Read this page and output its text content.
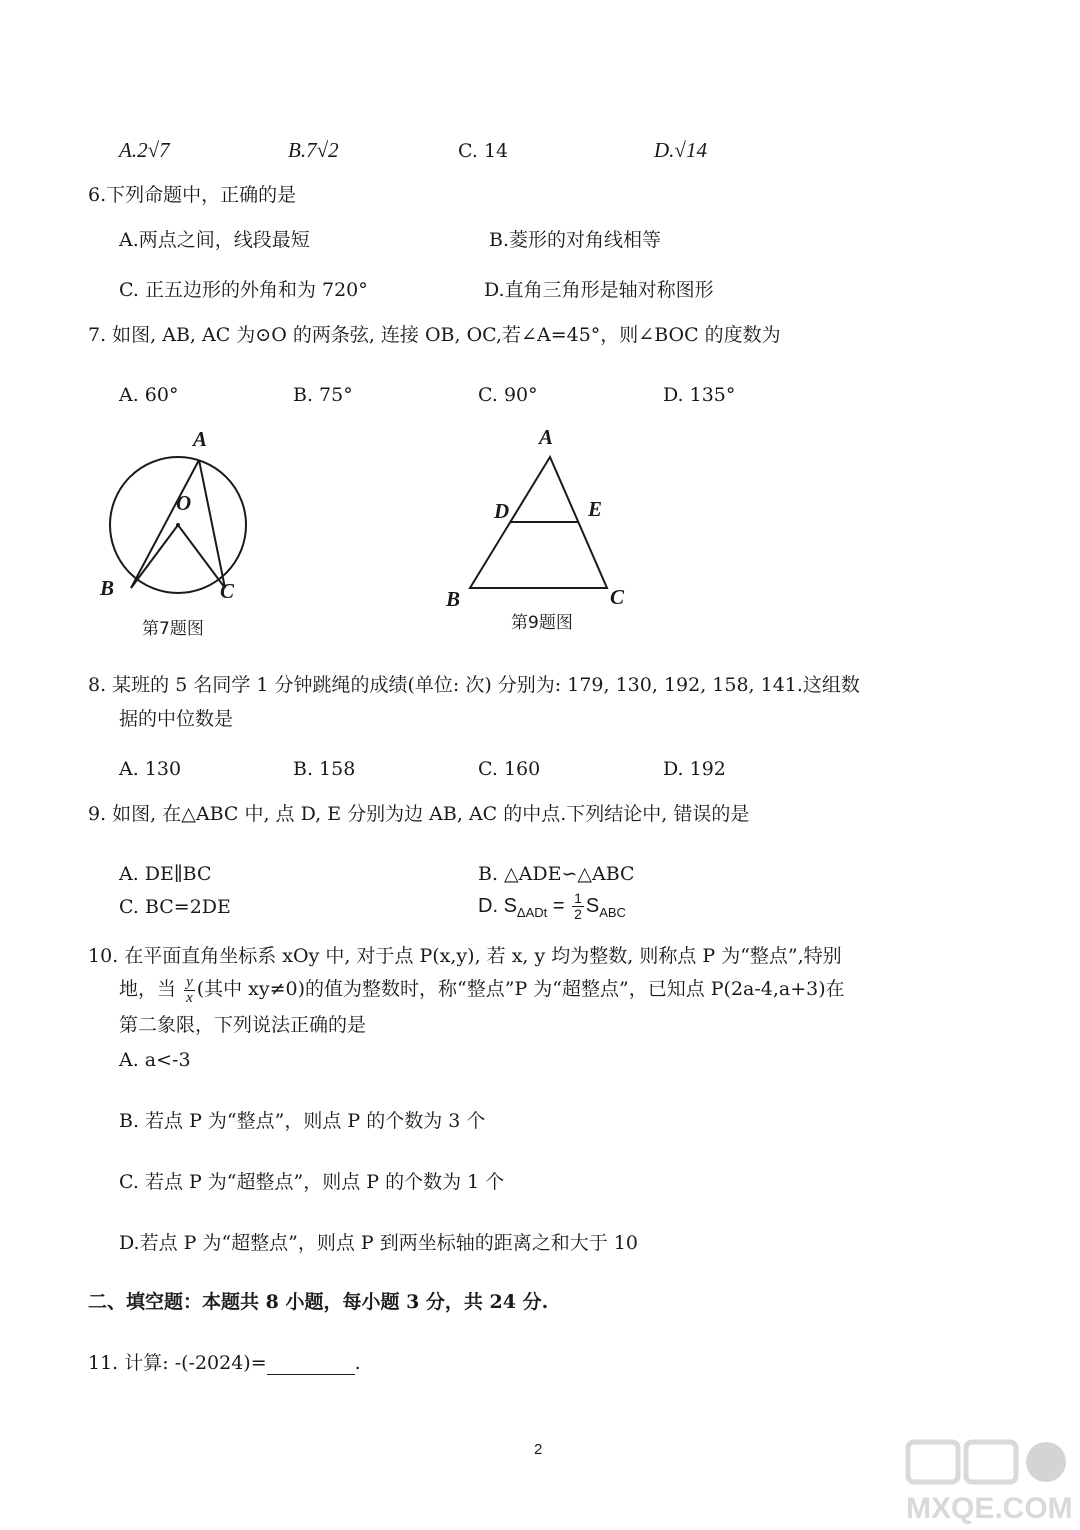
A.2√7	B.7√2	C. 14	D.√14
6.下列命题中，正确的是
A.两点之间，线段最短	B.菱形的对角线相等
C. 正五边形的外角和为 720°	D.直角三角形是轴对称图形
7. 如图, AB, AC 为⊙O 的两条弦, 连接 OB, OC,若∠A=45°，则∠BOC 的度数为
A. 60°	B. 75°	C. 90°	D. 135°
A
O
B	C
第7题图
A
D	E
B	C
第9题图
8. 某班的 5 名同学 1 分钟跳绳的成绩(单位: 次) 分别为: 179, 130, 192, 158, 141.这组数
据的中位数是
A. 130	B. 158	C. 160	D. 192
9. 如图, 在△ABC 中, 点 D, E 分别为边 AB, AC 的中点.下列结论中, 错误的是
A. DE∥BC	B. △ADE∽△ABC
C. BC=2DE	D. $S_{\Delta ADt} = \frac{1}{2} S_{ABC}$
10. 在平面直角坐标系 xOy 中, 对于点 P(x,y), 若 x, y 均为整数, 则称点 P 为“整点”,特别
地，当 $\frac{y}{x}$ (其中 xy≠0)的值为整数时，称“整点”P 为“超整点”，已知点 P(2a-4,a+3)在
第二象限，下列说法正确的是
A. a<-3
B. 若点 P 为“整点”，则点 P 的个数为 3 个
C. 若点 P 为“超整点”，则点 P 的个数为 1 个
D.若点 P 为“超整点”，则点 P 到两坐标轴的距离之和大于 10
二、填空题：本题共 8 小题，每小题 3 分，共 24 分.
11. 计算: -(-2024)=	.
2
MXQE.COM
